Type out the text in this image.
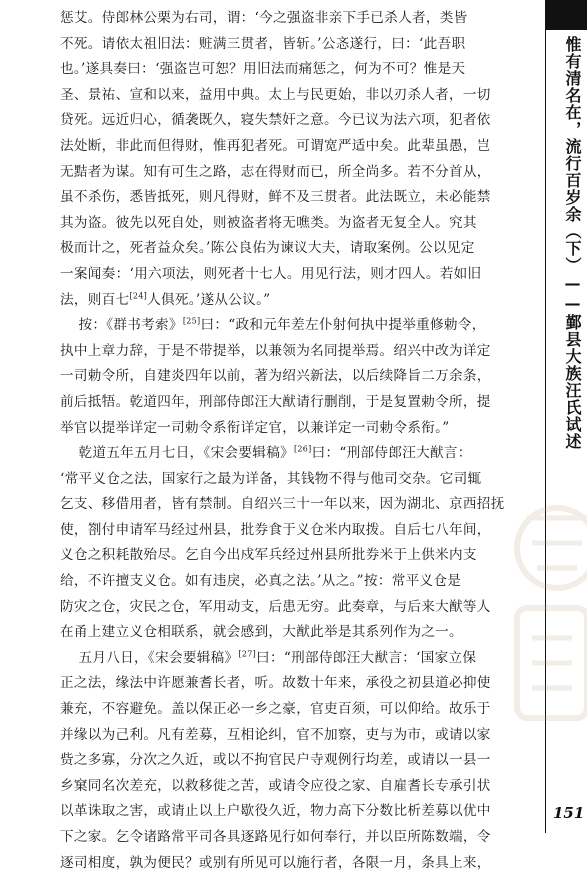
惩艾。侍郎林公栗为右司，谓：‘今之强盗非亲下手已杀人者，类皆
不死。请依太祖旧法：赃满三贯者，皆斩。’公忞遂行，曰：‘此吾职
也。’遂具奏曰：‘强盗岂可恕？用旧法而痛惩之，何为不可？惟是天
圣、景祐、宣和以来，益用中典。太上与民更始，非以刃杀人者，一切
贷死。远近归心，循袭既久，寝失禁奸之意。今已议为法六项，犯者依
法处断，非此而但得财，惟再犯者死。可谓宽严适中矣。此辈虽愚，岂
无黠者为谋。知有可生之路，志在得财而已，所全尚多。若不分首从，
虽不杀伤，悉皆抵死，则凡得财，鲜不及三贯者。此法既立，未必能禁
其为盗。彼先以死自处，则被盗者将无噍类。为盗者无复全人。究其
极而计之，死者益众矣。’陈公良佑为谏议大夫，请取案例。公以见定
一案闻奏：‘用六项法，则死者十七人。用见行法，则才四人。若如旧
法，则百七[24]人俱死。’遂从公议。”
按：《群书考索》[25]曰：“政和元年差左仆射何执中提举重修勅令，
执中上章力辞，于是不带提举，以兼领为名同提举焉。绍兴中改为详定
一司勅令所，自建炎四年以前，著为绍兴新法，以后续降旨二万余条，
前后抵牾。乾道四年，刑部侍郎汪大猷请行删削，于是复置勅令所，提
举官以提举详定一司勅令系衔详定官，以兼详定一司勅令系衔。”
乾道五年五月七日，《宋会要辑稿》[26]曰：“刑部侍郎汪大猷言：
‘常平义仓之法，国家行之最为详备，其钱物不得与他司交杂。它司辄
乞支、移借用者，皆有禁制。自绍兴三十一年以来，因为湖北、京西招抚
使，劄付申请军马经过州县，批券食于义仓米内取拨。自后七八年间，
义仓之积耗散殆尽。乞自今出戍军兵经过州县所批券米于上供米内支
给，不许擅支义仓。如有违戾，必真之法。’从之。”按：常平义仓是
防灾之仓，灾民之仓，军用动支，后患无穷。此奏章，与后来大猷等人
在甬上建立义仓相联系，就会感到，大猷此举是其系列作为之一。
五月八日，《宋会要辑稿》[27]曰：“刑部侍郎汪大猷言：‘国家立保
正之法，缘法中许愿兼耆长者，听。故数十年来，承役之初县道必抑使
兼充，不容避免。盖以保正必一乡之豪，官吏百须，可以仰给。故乐于
并缘以为己利。凡有差募，互相论纠，官不加察，吏与为市，或请以家
赀之多寡，分次之久近，或以不拘官民户寺观例行均差，或请以一县一
乡窠同名次差充，以救移徙之苦，或请令应役之家、自雇耆长专承引状
以革诛取之害，或请止以上户歇役久近，物力高下分数比析差募以优中
下之家。乞令诸路常平司各具逐路见行如何奉行，并以臣所陈数端，令
逐司相度，孰为便民？或别有所见可以施行者，各限一月，条具上来，
惟有清名在，流行百岁余（下）——鄞县大族汪氏试述
151
